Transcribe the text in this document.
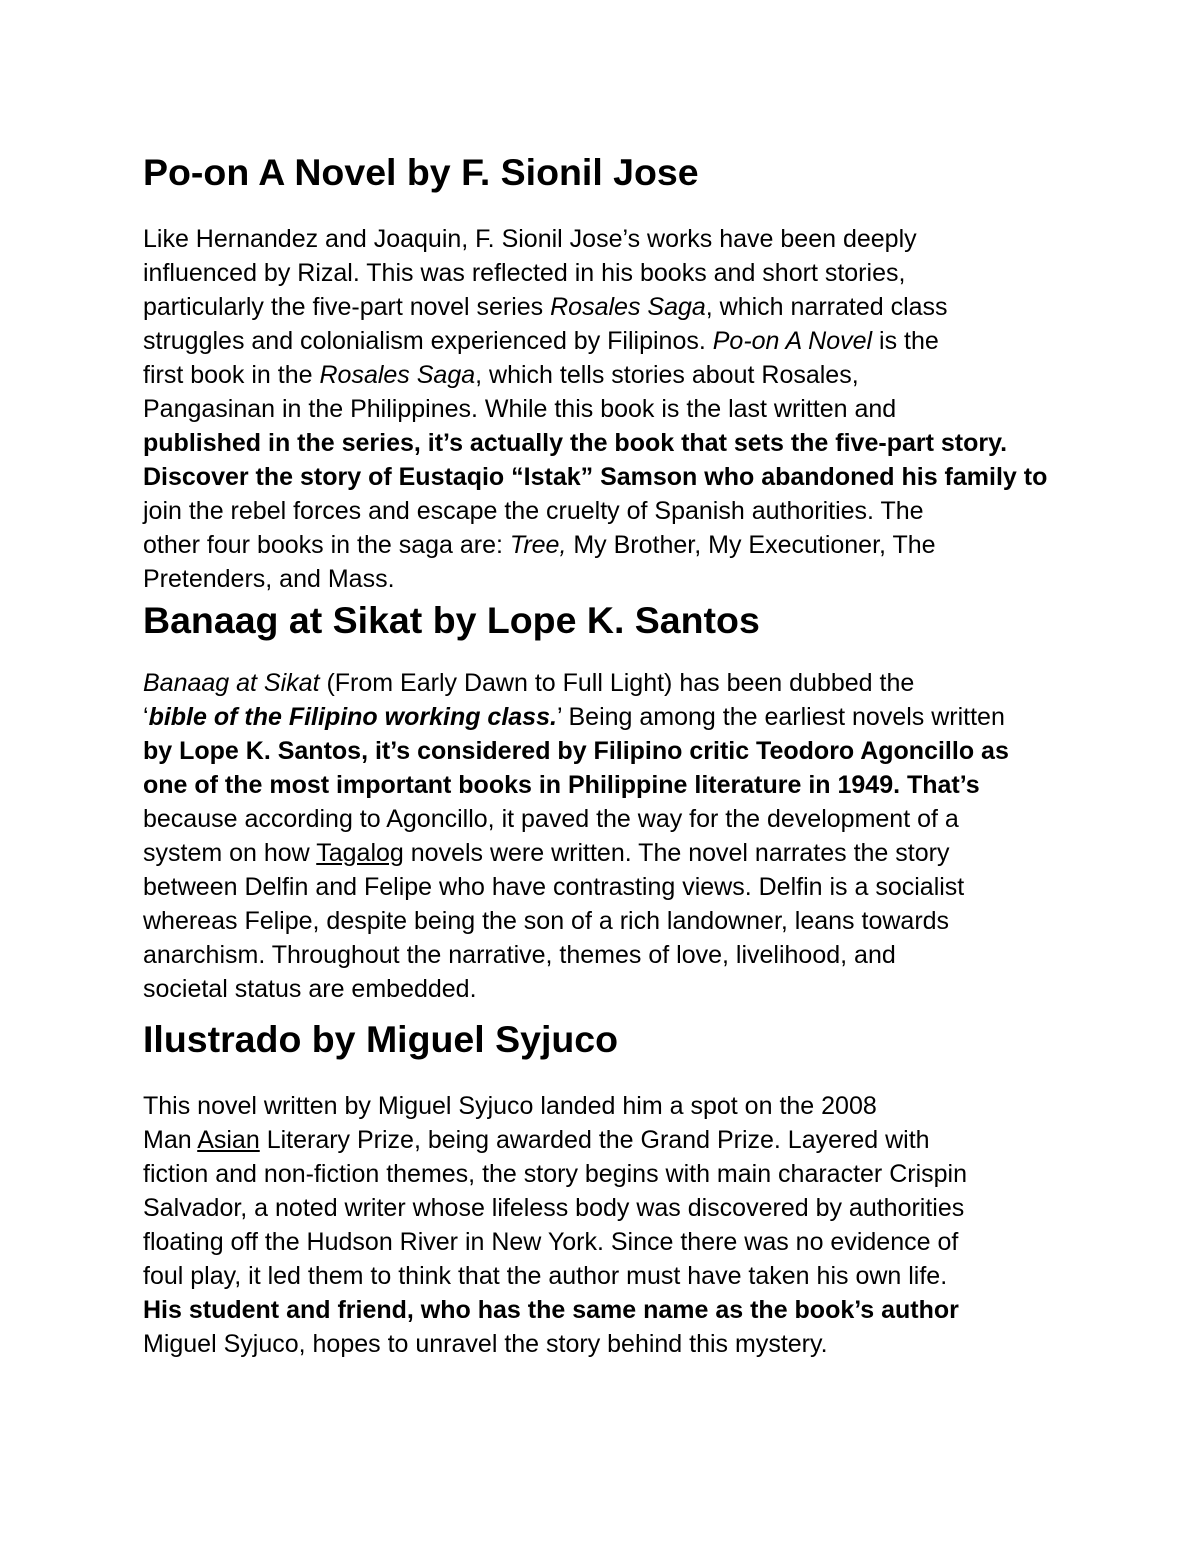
Po-on A Novel by F. Sionil Jose

Like Hernandez and Joaquin, F. Sionil Jose’s works have been deeply
influenced by Rizal. This was reflected in his books and short stories,
particularly the five-part novel series Rosales Saga, which narrated class
struggles and colonialism experienced by Filipinos. Po-on A Novel is the
first book in the Rosales Saga, which tells stories about Rosales,
Pangasinan in the Philippines. While this book is the last written and
published in the series, it’s actually the book that sets the five-part story.
Discover the story of Eustaqio “Istak” Samson who abandoned his family to
join the rebel forces and escape the cruelty of Spanish authorities. The
other four books in the saga are: Tree, My Brother, My Executioner, The
Pretenders, and Mass.

Banaag at Sikat by Lope K. Santos

Banaag at Sikat (From Early Dawn to Full Light) has been dubbed the
‘bible of the Filipino working class.’ Being among the earliest novels written
by Lope K. Santos, it’s considered by Filipino critic Teodoro Agoncillo as
one of the most important books in Philippine literature in 1949. That’s
because according to Agoncillo, it paved the way for the development of a
system on how Tagalog novels were written. The novel narrates the story
between Delfin and Felipe who have contrasting views. Delfin is a socialist
whereas Felipe, despite being the son of a rich landowner, leans towards
anarchism. Throughout the narrative, themes of love, livelihood, and
societal status are embedded.

Ilustrado by Miguel Syjuco

This novel written by Miguel Syjuco landed him a spot on the 2008
Man Asian Literary Prize, being awarded the Grand Prize. Layered with
fiction and non-fiction themes, the story begins with main character Crispin
Salvador, a noted writer whose lifeless body was discovered by authorities
floating off the Hudson River in New York. Since there was no evidence of
foul play, it led them to think that the author must have taken his own life.
His student and friend, who has the same name as the book’s author
Miguel Syjuco, hopes to unravel the story behind this mystery.
